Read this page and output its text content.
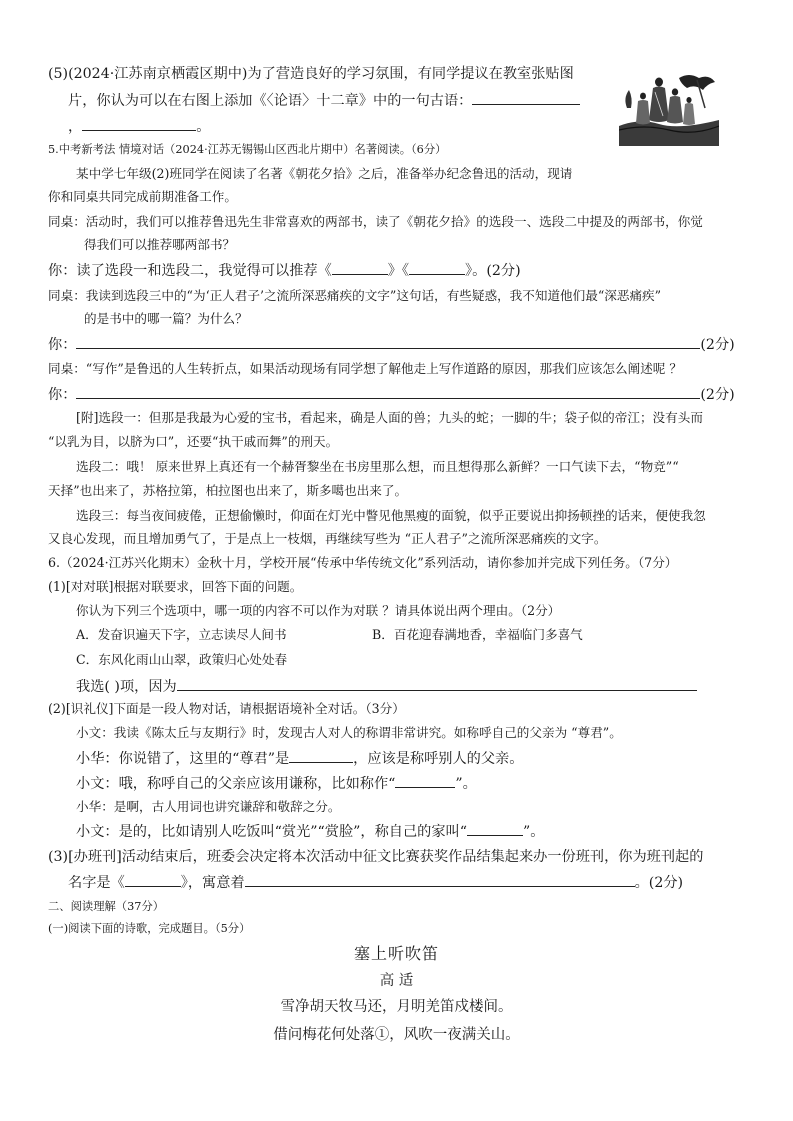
(5)(2024·江苏南京栖霞区期中)为了营造良好的学习氛围，有同学提议在教室张贴图
片，你认为可以在右图上添加《〈论语〉十二章》中的一句古语：
，	。
5.中考新考法 情境对话（2024·江苏无锡锡山区西北片期中）名著阅读。（6分）
某中学七年级(2)班同学在阅读了名著《朝花夕拾》之后，准备举办纪念鲁迅的活动，现请
你和同桌共同完成前期准备工作。
同桌：活动时，我们可以推荐鲁迅先生非常喜欢的两部书，读了《朝花夕拾》的选段一、选段二中提及的两部书，你觉
得我们可以推荐哪两部书？
你：读了选段一和选段二，我觉得可以推荐《	》《	》。(2分)
同桌：我读到选段三中的“为‘正人君子’之流所深恶痛疾的文字”这句话，有些疑惑，我不知道他们最“深恶痛疾”
的是书中的哪一篇？为什么？
你：	(2分)
同桌：“写作”是鲁迅的人生转折点，如果活动现场有同学想了解他走上写作道路的原因，那我们应该怎么阐述呢 ？
你：	(2分)
[附]选段一：但那是我最为心爱的宝书，看起来，确是人面的兽；九头的蛇；一脚的牛；袋子似的帝江；没有头而
“以乳为目，以脐为口”，还要“执干戚而舞”的刑天。
选段二：哦！ 原来世界上真还有一个赫胥黎坐在书房里那么想，而且想得那么新鲜？一口气读下去，“物竞”“
天择”也出来了，苏格拉第，柏拉图也出来了，斯多噶也出来了。
选段三：每当夜间疲倦，正想偷懒时，仰面在灯光中瞥见他黑瘦的面貌，似乎正要说出抑扬顿挫的话来，便使我忽
又良心发现，而且增加勇气了，于是点上一枝烟，再继续写些为 “正人君子”之流所深恶痛疾的文字。
6.（2024·江苏兴化期末）金秋十月，学校开展“传承中华传统文化”系列活动，请你参加并完成下列任务。（7分）
(1)[对对联]根据对联要求，回答下面的问题。
你认为下列三个选项中，哪一项的内容不可以作为对联 ？请具体说出两个理由。（2分）
A．发奋识遍天下字，立志读尽人间书	B．百花迎春满地香，幸福临门多喜气
C．东风化雨山山翠，政策归心处处春
我选( )项，因为
(2)[识礼仪]下面是一段人物对话，请根据语境补全对话。（3分）
小文：我读《陈太丘与友期行》时，发现古人对人的称谓非常讲究。如称呼自己的父亲为 “尊君”。
小华：你说错了，这里的“尊君”是	，应该是称呼别人的父亲。
小文：哦，称呼自己的父亲应该用谦称，比如称作“	”。
小华：是啊，古人用词也讲究谦辞和敬辞之分。
小文：是的，比如请别人吃饭叫“赏光”“赏脸”，称自己的家叫“	”。
(3)[办班刊]活动结束后，班委会决定将本次活动中征文比赛获奖作品结集起来办一份班刊，你为班刊起的
名字是《	》，寓意着	。(2分)
二、阅读理解（37分）
(一)阅读下面的诗歌，完成题目。（5分）
塞上听吹笛
高 适
雪净胡天牧马还，月明羌笛戍楼间。
借问梅花何处落①，风吹一夜满关山。
